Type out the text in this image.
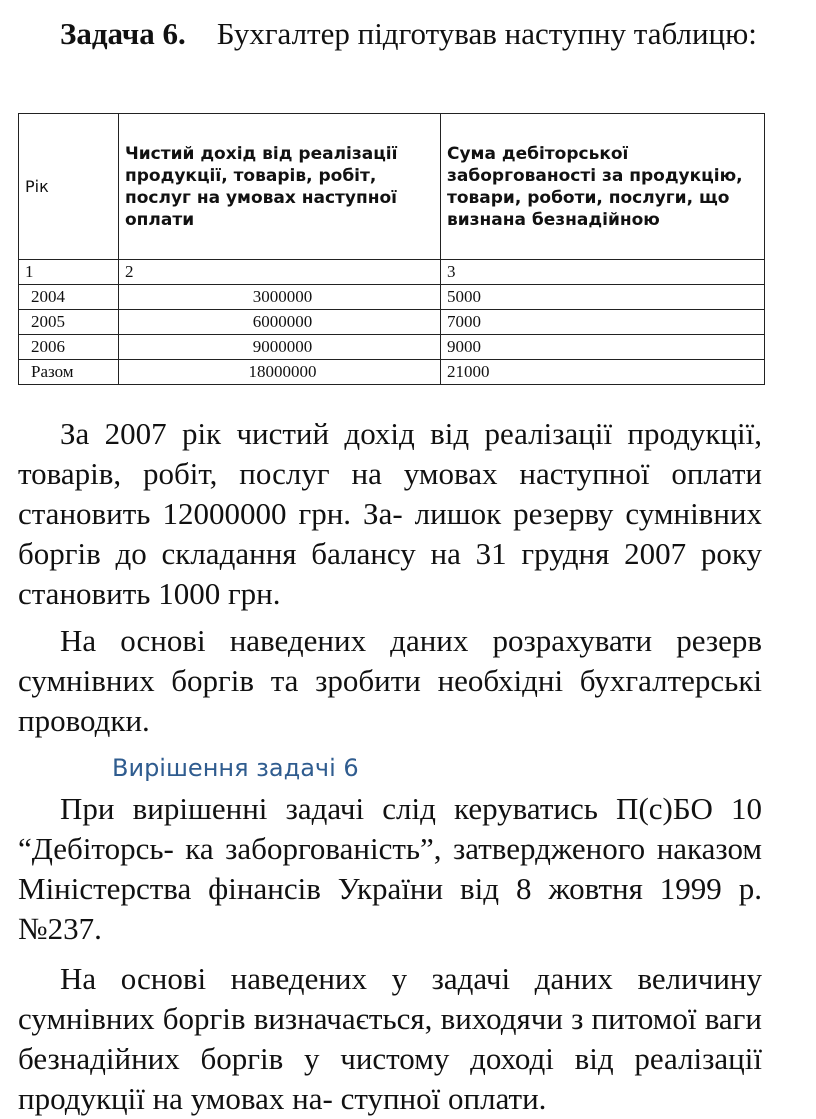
Задача 6. Бухгалтер підготував наступну таблицю:

Рік	Чистий дохід від реалізації продукції, товарів, робіт, послуг на умовах наступної оплати	Сума дебіторської заборгованості за продукцію, товари, роботи, послуги, що визнана безнадійною
1	2	3
2004	3000000	5000
2005	6000000	7000
2006	9000000	9000
Разом	18000000	21000

За 2007 рік чистий дохід від реалізації продукції, товарів, робіт, послуг на умовах наступної оплати становить 12000000 грн. За- лишок резерву сумнівних боргів до складання балансу на 31 грудня 2007 року становить 1000 грн.

На основі наведених даних розрахувати резерв сумнівних боргів та зробити необхідні бухгалтерські проводки.

Вирішення задачі 6

При вирішенні задачі слід керуватись П(с)БО 10 “Дебіторсь- ка заборгованість”, затвердженого наказом Міністерства фінансів України від 8 жовтня 1999 р. №237.

На основі наведених у задачі даних величину сумнівних боргів визначається, виходячи з питомої ваги безнадійних боргів у чистому доході від реалізації продукції на умовах на- ступної оплати.
